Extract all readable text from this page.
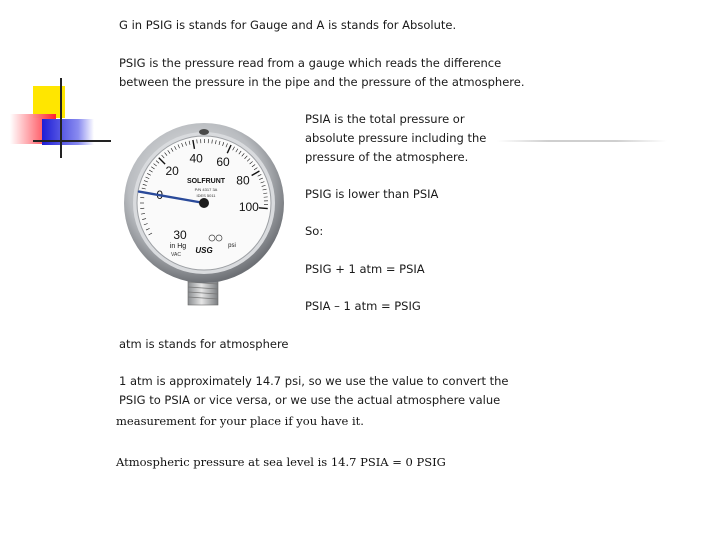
G in PSIG is stands for Gauge and A is stands for Absolute.

PSIG is the pressure read from a gauge which reads the difference

between the pressure in the pipe and the pressure of the atmosphere.

PSIA is the total pressure or

absolute pressure including the

pressure of the atmosphere.

PSIG is lower than PSIA

So:

PSIG + 1 atm = PSIA

PSIA – 1 atm = PSIG

atm is stands for atmosphere

1 atm is approximately 14.7 psi, so we use the value to convert the

PSIG to PSIA or vice versa, or we use the actual atmosphere value

measurement for your place if you have it.

Atmospheric pressure at sea level is 14.7 PSIA = 0 PSIG

20
40 60
80
100
30
SOLFRUNT
P/N 4317 3A
IDES 5011
in Hg
VAC
psi
USG
